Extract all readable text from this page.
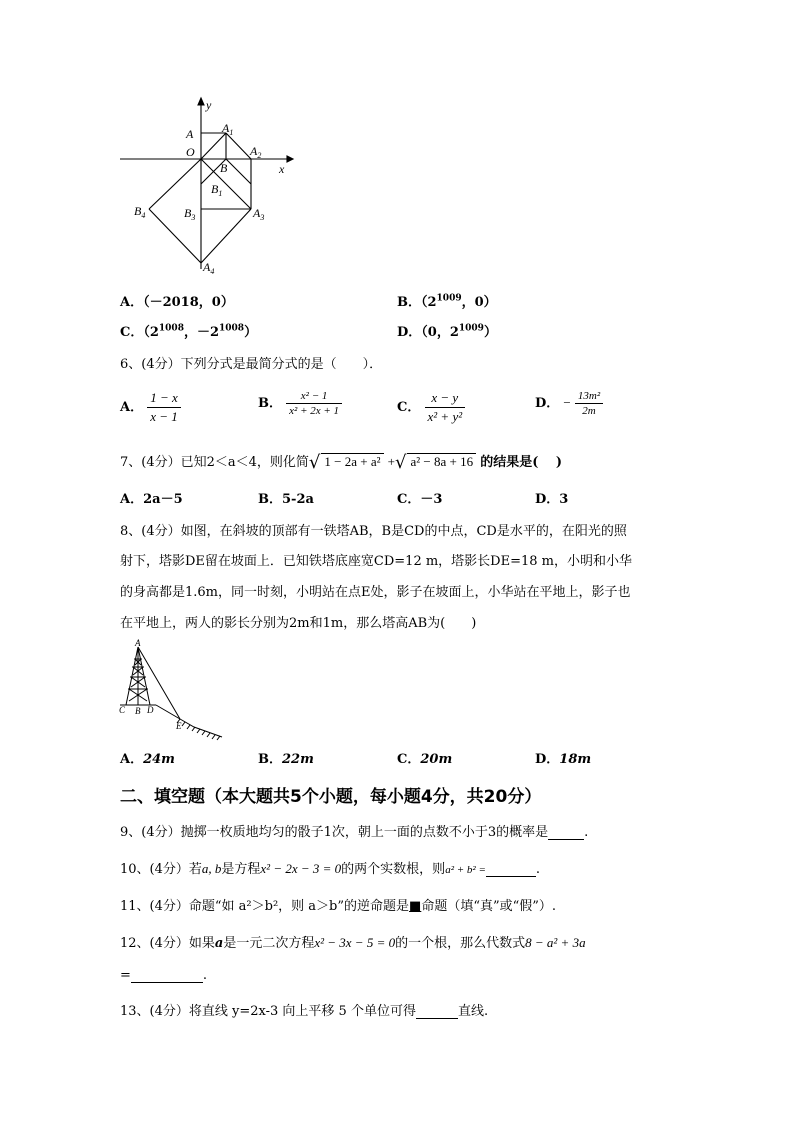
y
x
A
O
$A_1$
B
$A_2$
$B_1$
$B_3$	$A_3$
$B_4$
$A_4$
A．（－2018，0）	B．（$2^{1009}$，0）
C．（$2^{1008}$，$-2^{1008}$）	D．（0，$2^{1009}$）
6、(4分）下列分式是最简分式的是（　　）．
A． $\frac{1 - x}{x - 1}$	B． $\frac{\text{x² − 1}}{\text{x² + 2x + 1}}$	C． $\frac{x - y}{\text{x² + y²}}$	D． − $\frac{\text{13m²}}{2m}$
7、(4分）已知2＜a＜4，则化简√ 1 − 2a + a² +√ a² − 8a + 16 的结果是(　 )
A．2a－5	B．5-2a	C．－3	D．3
8、(4分）如图，在斜坡的顶部有一铁塔AB，B是CD的中点，CD是水平的，在阳光的照
射下，塔影DE留在坡面上．已知铁塔底座宽CD=12 m，塔影长DE=18 m，小明和小华
的身高都是1.6m，同一时刻，小明站在点E处，影子在坡面上，小华站在平地上，影子也
在平地上，两人的影长分别为2m和1m，那么塔高AB为(　　)
A
C B D
E
A．24m	B．22m	C．20m	D．18m
二、填空题（本大题共5个小题，每小题4分，共20分）
9、(4分）抛掷一枚质地均匀的骰子1次，朝上一面的点数不小于3的概率是	.
10、(4分）若a, b是方程x² − 2x − 3 = 0的两个实数根，则a² + b² =	.
11、(4分）命题“如 a²＞b²，则 a＞b”的逆命题是■命题（填“真”或“假”）.
12、(4分）如果a是一元二次方程x² − 3x − 5 = 0的一个根，那么代数式8 − a² + 3a
=	.
13、(4分）将直线 y=2x-3 向上平移 5 个单位可得	直线.
